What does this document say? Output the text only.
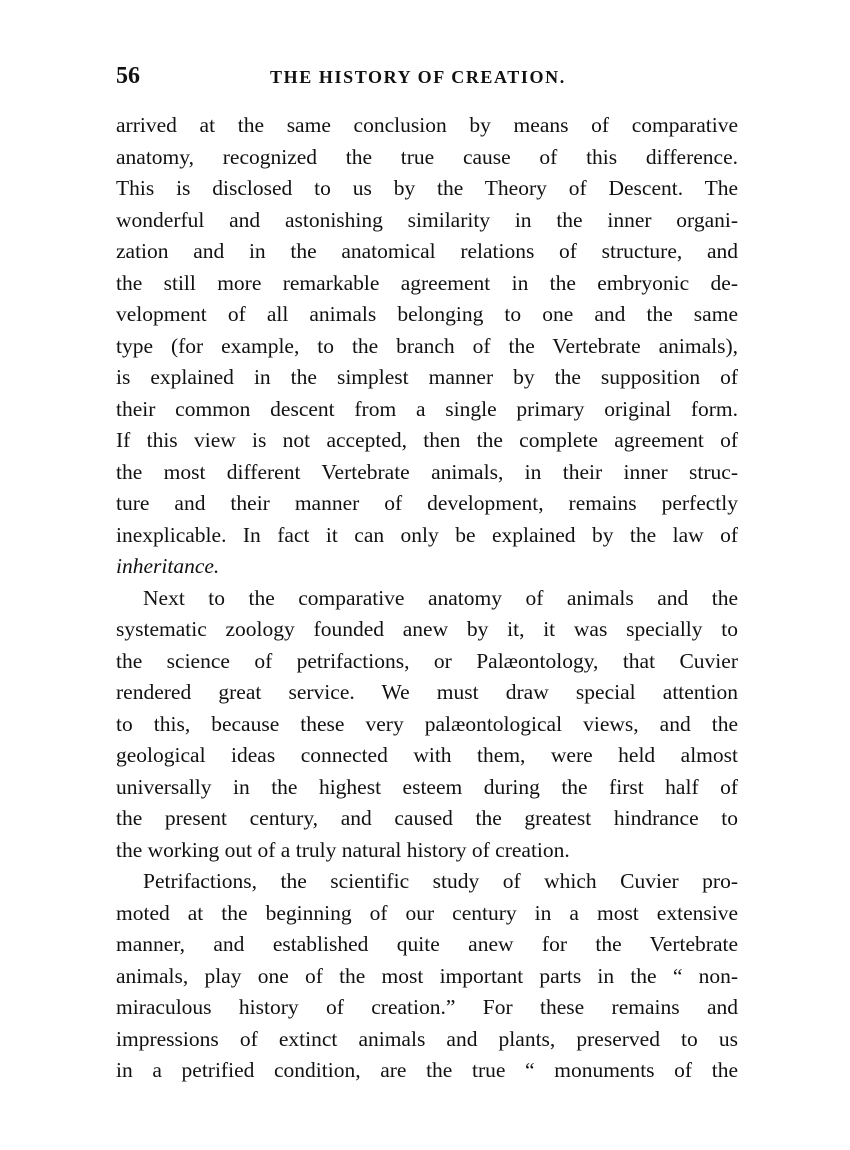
56	THE HISTORY OF CREATION.
arrived at the same conclusion by means of comparative
anatomy, recognized the true cause of this difference.
This is disclosed to us by the Theory of Descent. The
wonderful and astonishing similarity in the inner organi-
zation and in the anatomical relations of structure, and
the still more remarkable agreement in the embryonic de-
velopment of all animals belonging to one and the same
type (for example, to the branch of the Vertebrate animals),
is explained in the simplest manner by the supposition of
their common descent from a single primary original form.
If this view is not accepted, then the complete agreement of
the most different Vertebrate animals, in their inner struc-
ture and their manner of development, remains perfectly
inexplicable. In fact it can only be explained by the law of
inheritance.
Next to the comparative anatomy of animals and the
systematic zoology founded anew by it, it was specially to
the science of petrifactions, or Palæontology, that Cuvier
rendered great service. We must draw special attention
to this, because these very palæontological views, and the
geological ideas connected with them, were held almost
universally in the highest esteem during the first half of
the present century, and caused the greatest hindrance to
the working out of a truly natural history of creation.
Petrifactions, the scientific study of which Cuvier pro-
moted at the beginning of our century in a most extensive
manner, and established quite anew for the Vertebrate
animals, play one of the most important parts in the “ non-
miraculous history of creation.” For these remains and
impressions of extinct animals and plants, preserved to us
in a petrified condition, are the true “ monuments of the
